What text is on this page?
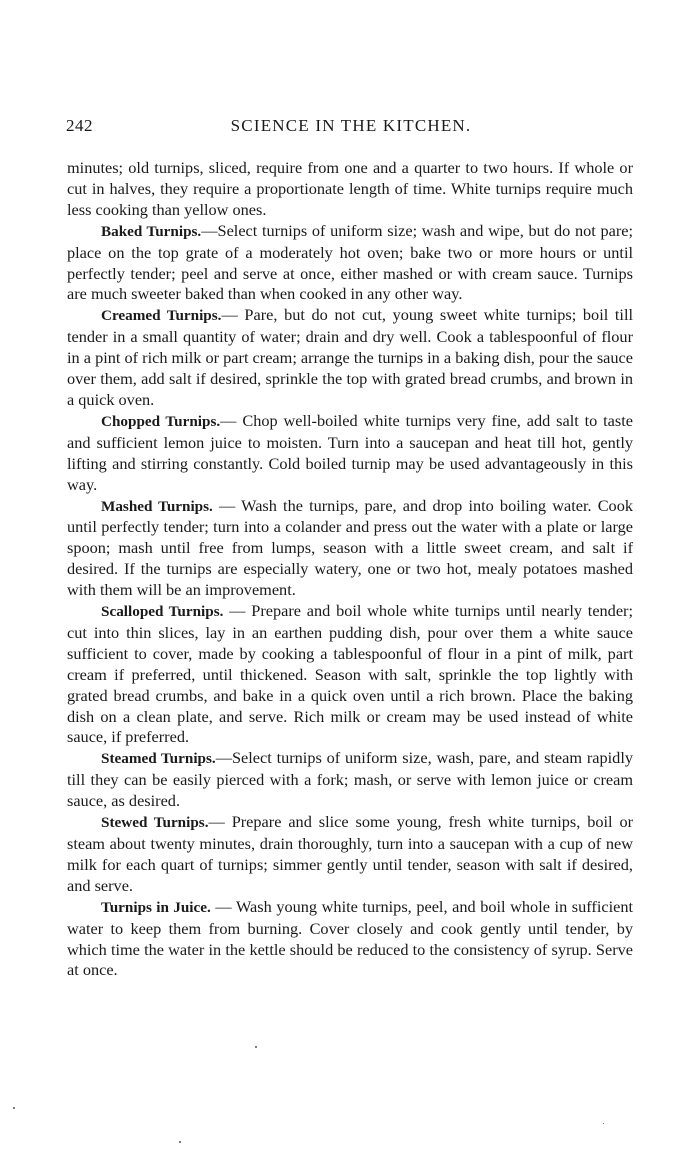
242	SCIENCE IN THE KITCHEN.

minutes; old turnips, sliced, require from one and a quarter to two hours. If whole or cut in halves, they require a proportionate length of time. White turnips require much less cooking than yellow ones.

Baked Turnips.—Select turnips of uniform size; wash and wipe, but do not pare; place on the top grate of a moderately hot oven; bake two or more hours or until perfectly tender; peel and serve at once, either mashed or with cream sauce. Turnips are much sweeter baked than when cooked in any other way.

Creamed Turnips.— Pare, but do not cut, young sweet white turnips; boil till tender in a small quantity of water; drain and dry well. Cook a tablespoonful of flour in a pint of rich milk or part cream; arrange the turnips in a baking dish, pour the sauce over them, add salt if desired, sprinkle the top with grated bread crumbs, and brown in a quick oven.

Chopped Turnips.— Chop well-boiled white turnips very fine, add salt to taste and sufficient lemon juice to moisten. Turn into a saucepan and heat till hot, gently lifting and stirring constantly. Cold boiled turnip may be used advantageously in this way.

Mashed Turnips. — Wash the turnips, pare, and drop into boiling water. Cook until perfectly tender; turn into a colander and press out the water with a plate or large spoon; mash until free from lumps, season with a little sweet cream, and salt if desired. If the turnips are especially watery, one or two hot, mealy potatoes mashed with them will be an improvement.

Scalloped Turnips. — Prepare and boil whole white turnips until nearly tender; cut into thin slices, lay in an earthen pudding dish, pour over them a white sauce sufficient to cover, made by cooking a tablespoonful of flour in a pint of milk, part cream if preferred, until thickened. Season with salt, sprinkle the top lightly with grated bread crumbs, and bake in a quick oven until a rich brown. Place the baking dish on a clean plate, and serve. Rich milk or cream may be used instead of white sauce, if preferred.

Steamed Turnips.—Select turnips of uniform size, wash, pare, and steam rapidly till they can be easily pierced with a fork; mash, or serve with lemon juice or cream sauce, as desired.

Stewed Turnips.— Prepare and slice some young, fresh white turnips, boil or steam about twenty minutes, drain thoroughly, turn into a saucepan with a cup of new milk for each quart of turnips; simmer gently until tender, season with salt if desired, and serve.

Turnips in Juice. — Wash young white turnips, peel, and boil whole in sufficient water to keep them from burning. Cover closely and cook gently until tender, by which time the water in the kettle should be reduced to the consistency of syrup. Serve at once.
